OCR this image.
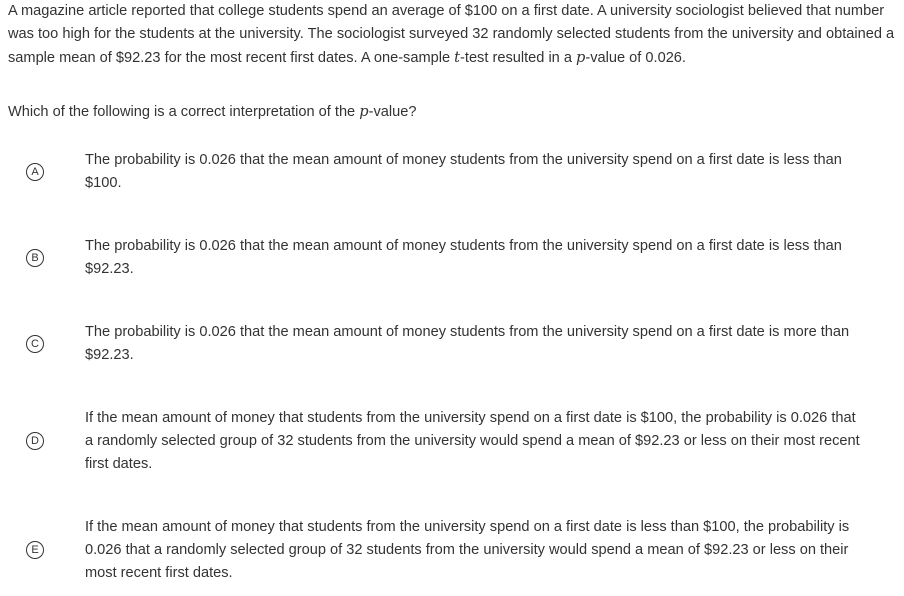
A magazine article reported that college students spend an average of $100 on a first date. A university sociologist believed that number was too high for the students at the university. The sociologist surveyed 32 randomly selected students from the university and obtained a sample mean of $92.23 for the most recent first dates. A one-sample t-test resulted in a p-value of 0.026.
Which of the following is a correct interpretation of the p-value?
A
The probability is 0.026 that the mean amount of money students from the university spend on a first date is less than $100.
B
The probability is 0.026 that the mean amount of money students from the university spend on a first date is less than $92.23.
C
The probability is 0.026 that the mean amount of money students from the university spend on a first date is more than $92.23.
D
If the mean amount of money that students from the university spend on a first date is $100, the probability is 0.026 that a randomly selected group of 32 students from the university would spend a mean of $92.23 or less on their most recent first dates.
E
If the mean amount of money that students from the university spend on a first date is less than $100, the probability is 0.026 that a randomly selected group of 32 students from the university would spend a mean of $92.23 or less on their most recent first dates.
